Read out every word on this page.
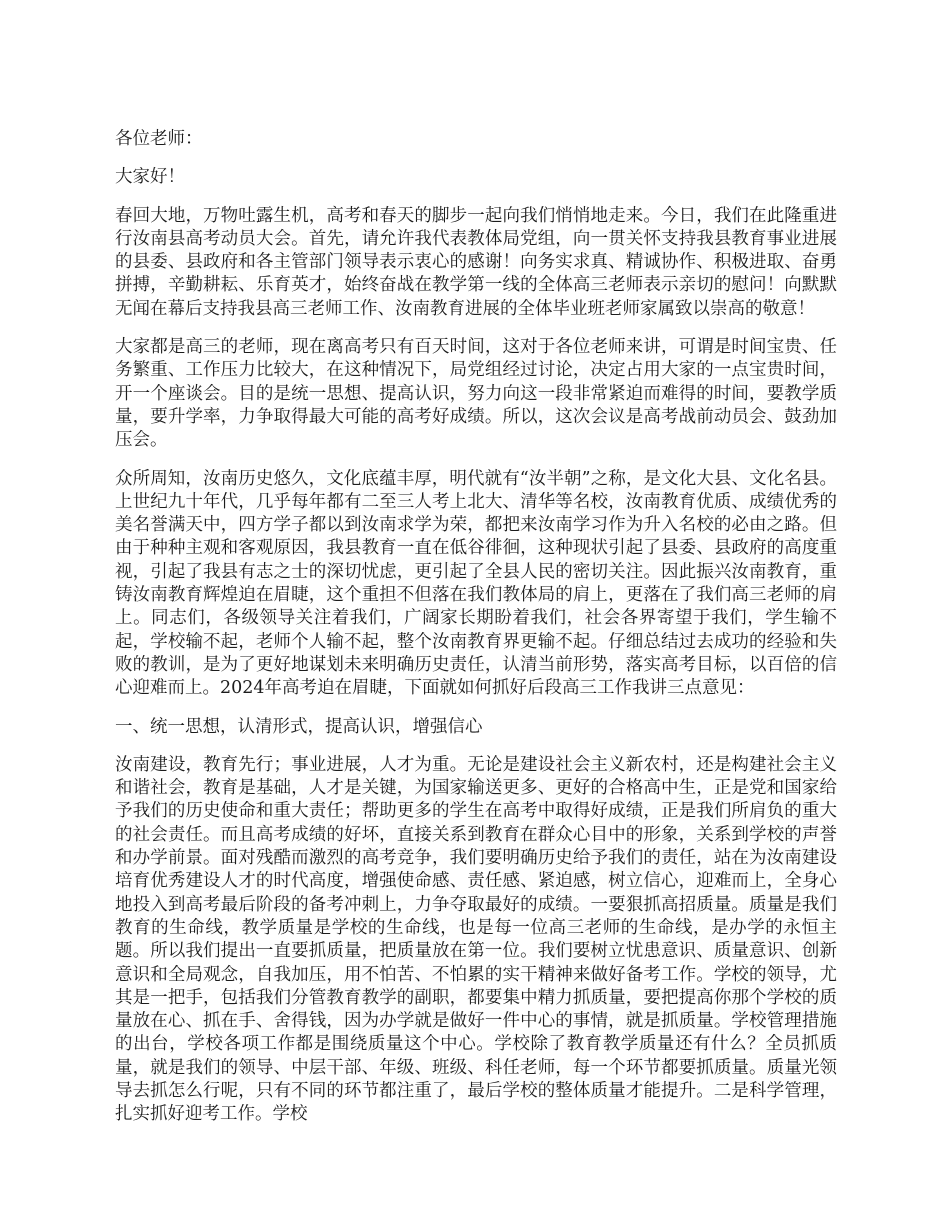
各位老师：

大家好！

春回大地，万物吐露生机，高考和春天的脚步一起向我们悄悄地走来。今日，我们在此隆重进行汝南县高考动员大会。首先，请允许我代表教体局党组，向一贯关怀支持我县教育事业进展的县委、县政府和各主管部门领导表示衷心的感谢！向务实求真、精诚协作、积极进取、奋勇拼搏，辛勤耕耘、乐育英才，始终奋战在教学第一线的全体高三老师表示亲切的慰问！向默默无闻在幕后支持我县高三老师工作、汝南教育进展的全体毕业班老师家属致以崇高的敬意！

大家都是高三的老师，现在离高考只有百天时间，这对于各位老师来讲，可谓是时间宝贵、任务繁重、工作压力比较大，在这种情况下，局党组经过讨论，决定占用大家的一点宝贵时间，开一个座谈会。目的是统一思想、提高认识，努力向这一段非常紧迫而难得的时间，要教学质量，要升学率，力争取得最大可能的高考好成绩。所以，这次会议是高考战前动员会、鼓劲加压会。

众所周知，汝南历史悠久，文化底蕴丰厚，明代就有“汝半朝”之称，是文化大县、文化名县。上世纪九十年代，几乎每年都有二至三人考上北大、清华等名校，汝南教育优质、成绩优秀的美名誉满天中，四方学子都以到汝南求学为荣，都把来汝南学习作为升入名校的必由之路。但由于种种主观和客观原因，我县教育一直在低谷徘徊，这种现状引起了县委、县政府的高度重视，引起了我县有志之士的深切忧虑，更引起了全县人民的密切关注。因此振兴汝南教育，重铸汝南教育辉煌迫在眉睫，这个重担不但落在我们教体局的肩上，更落在了我们高三老师的肩上。同志们，各级领导关注着我们，广阔家长期盼着我们，社会各界寄望于我们，学生输不起，学校输不起，老师个人输不起，整个汝南教育界更输不起。仔细总结过去成功的经验和失败的教训，是为了更好地谋划未来明确历史责任，认清当前形势，落实高考目标，以百倍的信心迎难而上。2024年高考迫在眉睫，下面就如何抓好后段高三工作我讲三点意见：

一、统一思想，认清形式，提高认识，增强信心

汝南建设，教育先行；事业进展，人才为重。无论是建设社会主义新农村，还是构建社会主义和谐社会，教育是基础，人才是关键，为国家输送更多、更好的合格高中生，正是党和国家给予我们的历史使命和重大责任；帮助更多的学生在高考中取得好成绩，正是我们所肩负的重大的社会责任。而且高考成绩的好坏，直接关系到教育在群众心目中的形象，关系到学校的声誉和办学前景。面对残酷而激烈的高考竞争，我们要明确历史给予我们的责任，站在为汝南建设培育优秀建设人才的时代高度，增强使命感、责任感、紧迫感，树立信心，迎难而上，全身心地投入到高考最后阶段的备考冲刺上，力争夺取最好的成绩。一要狠抓高招质量。质量是我们教育的生命线，教学质量是学校的生命线，也是每一位高三老师的生命线，是办学的永恒主题。所以我们提出一直要抓质量，把质量放在第一位。我们要树立忧患意识、质量意识、创新意识和全局观念，自我加压，用不怕苦、不怕累的实干精神来做好备考工作。学校的领导，尤其是一把手，包括我们分管教育教学的副职，都要集中精力抓质量，要把提高你那个学校的质量放在心、抓在手、舍得钱，因为办学就是做好一件中心的事情，就是抓质量。学校管理措施的出台，学校各项工作都是围绕质量这个中心。学校除了教育教学质量还有什么？全员抓质量，就是我们的领导、中层干部、年级、班级、科任老师，每一个环节都要抓质量。质量光领导去抓怎么行呢，只有不同的环节都注重了，最后学校的整体质量才能提升。二是科学管理，扎实抓好迎考工作。学校
